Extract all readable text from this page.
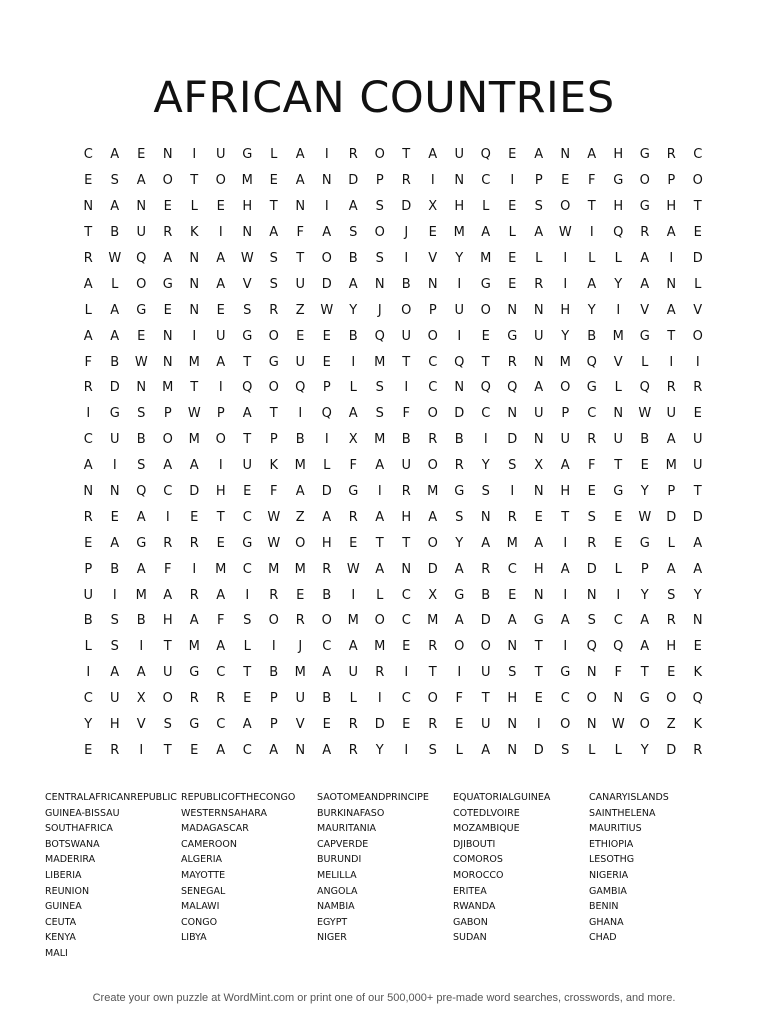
AFRICAN COUNTRIES
C	A	E	N	I	U	G	L	A	I	R	O	T	A	U	Q	E	A	N	A	H	G	R	C
E	S	A	O	T	O	M	E	A	N	D	P	R	I	N	C	I	P	E	F	G	O	P	O
N	A	N	E	L	E	H	T	N	I	A	S	D	X	H	L	E	S	O	T	H	G	H	T
T	B	U	R	K	I	N	A	F	A	S	O	J	E	M	A	L	A	W	I	Q	R	A	E
R	W	Q	A	N	A	W	S	T	O	B	S	I	V	Y	M	E	L	I	L	L	A	I	D
A	L	O	G	N	A	V	S	U	D	A	N	B	N	I	G	E	R	I	A	Y	A	N	L
L	A	G	E	N	E	S	R	Z	W	Y	J	O	P	U	O	N	N	H	Y	I	V	A	V
A	A	E	N	I	U	G	O	E	E	B	Q	U	O	I	E	G	U	Y	B	M	G	T	O
F	B	W	N	M	A	T	G	U	E	I	M	T	C	Q	T	R	N	M	Q	V	L	I	I
R	D	N	M	T	I	Q	O	Q	P	L	S	I	C	N	Q	Q	A	O	G	L	Q	R	R
I	G	S	P	W	P	A	T	I	Q	A	S	F	O	D	C	N	U	P	C	N	W	U	E
C	U	B	O	M	O	T	P	B	I	X	M	B	R	B	I	D	N	U	R	U	B	A	U
A	I	S	A	A	I	U	K	M	L	F	A	U	O	R	Y	S	X	A	F	T	E	M	U
N	N	Q	C	D	H	E	F	A	D	G	I	R	M	G	S	I	N	H	E	G	Y	P	T
R	E	A	I	E	T	C	W	Z	A	R	A	H	A	S	N	R	E	T	S	E	W	D	D
E	A	G	R	R	E	G	W	O	H	E	T	T	O	Y	A	M	A	I	R	E	G	L	A
P	B	A	F	I	M	C	M	M	R	W	A	N	D	A	R	C	H	A	D	L	P	A	A
U	I	M	A	R	A	I	R	E	B	I	L	C	X	G	B	E	N	I	N	I	Y	S	Y
B	S	B	H	A	F	S	O	R	O	M	O	C	M	A	D	A	G	A	S	C	A	R	N
L	S	I	T	M	A	L	I	J	C	A	M	E	R	O	O	N	T	I	Q	Q	A	H	E
I	A	A	U	G	C	T	B	M	A	U	R	I	T	I	U	S	T	G	N	F	T	E	K
C	U	X	O	R	R	E	P	U	B	L	I	C	O	F	T	H	E	C	O	N	G	O	Q
Y	H	V	S	G	C	A	P	V	E	R	D	E	R	E	U	N	I	O	N	W	O	Z	K
E	R	I	T	E	A	C	A	N	A	R	Y	I	S	L	A	N	D	S	L	L	Y	D	R
CENTRALAFRICANREPUBLIC
GUINEA-BISSAU
SOUTHAFRICA
BOTSWANA
MADERIRA
LIBERIA
REUNION
GUINEA
CEUTA
KENYA
MALI
REPUBLICOFTHECONGO
WESTERNSAHARA
MADAGASCAR
CAMEROON
ALGERIA
MAYOTTE
SENEGAL
MALAWI
CONGO
LIBYA
SAOTOMEANDPRINCIPE
BURKINAFASO
MAURITANIA
CAPVERDE
BURUNDI
MELILLA
ANGOLA
NAMBIA
EGYPT
NIGER
EQUATORIALGUINEA
COTEDLVOIRE
MOZAMBIQUE
DJIBOUTI
COMOROS
MOROCCO
ERITEA
RWANDA
GABON
SUDAN
CANARYISLANDS
SAINTHELENA
MAURITIUS
ETHIOPIA
LESOTHG
NIGERIA
GAMBIA
BENIN
GHANA
CHAD
Create your own puzzle at WordMint.com or print one of our 500,000+ pre-made word searches, crosswords, and more.
